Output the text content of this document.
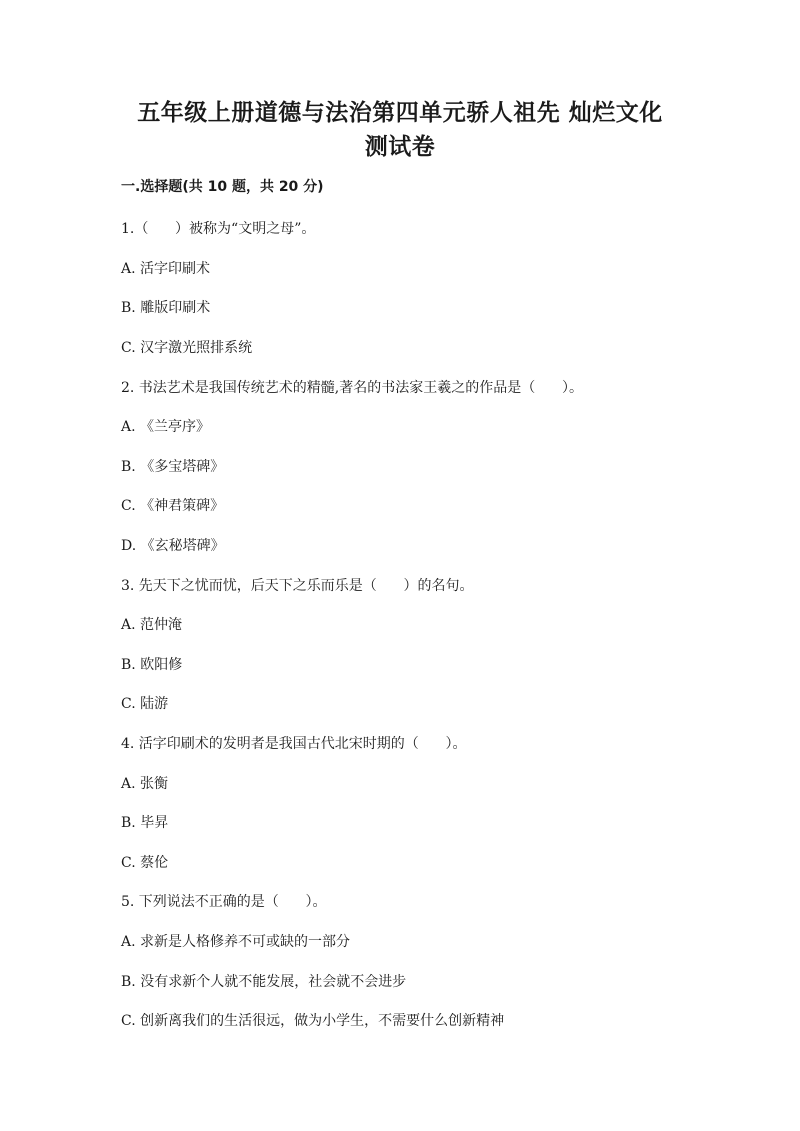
五年级上册道德与法治第四单元骄人祖先 灿烂文化
测试卷
一.选择题(共 10 题，共 20 分)
1.（      ）被称为“文明之母”。
A. 活字印刷术
B. 雕版印刷术
C. 汉字激光照排系统
2. 书法艺术是我国传统艺术的精髓,著名的书法家王羲之的作品是（      ）。
A. 《兰亭序》
B. 《多宝塔碑》
C. 《神君策碑》
D. 《玄秘塔碑》
3. 先天下之忧而忧，后天下之乐而乐是（      ）的名句。
A. 范仲淹
B. 欧阳修
C. 陆游
4. 活字印刷术的发明者是我国古代北宋时期的（      ）。
A. 张衡
B. 毕昇
C. 蔡伦
5. 下列说法不正确的是（      ）。
A. 求新是人格修养不可或缺的一部分
B. 没有求新个人就不能发展，社会就不会进步
C. 创新离我们的生活很远，做为小学生，不需要什么创新精神
